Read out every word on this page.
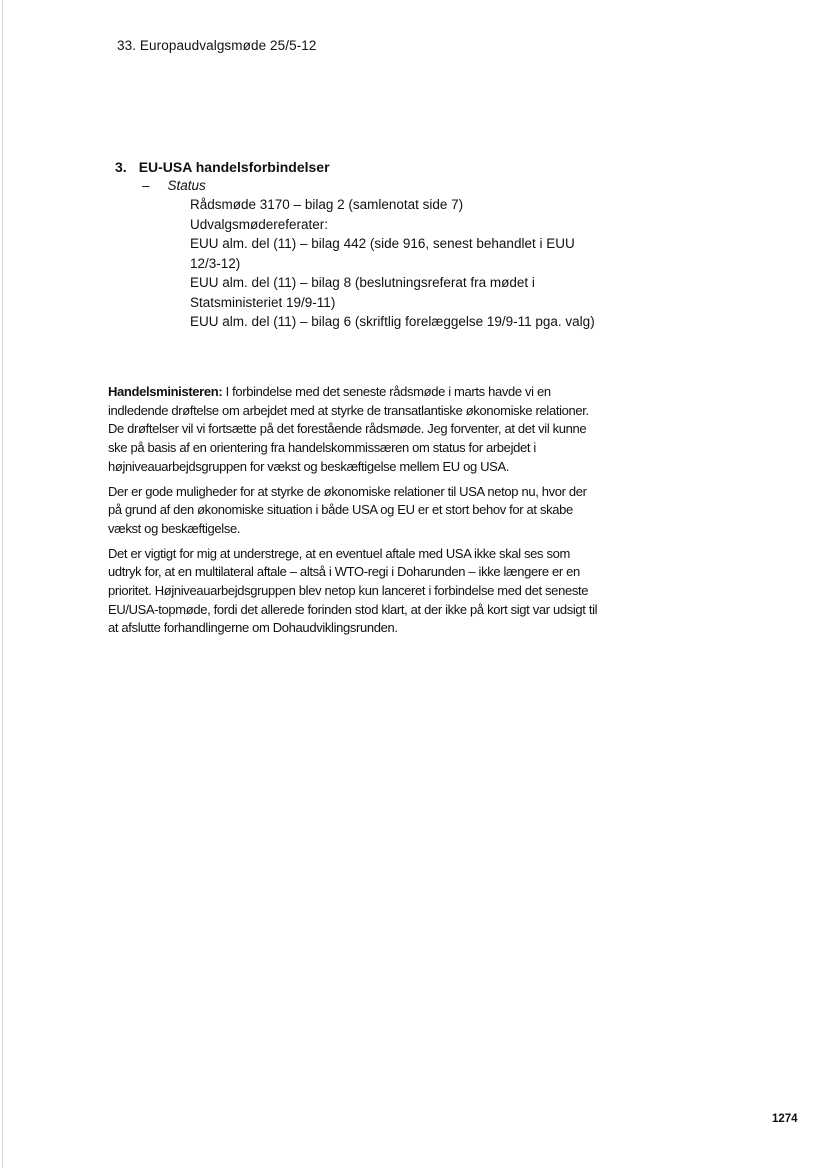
33. Europaudvalgsmøde 25/5-12
3. EU-USA handelsforbindelser
– Status
Rådsmøde 3170 – bilag 2 (samlenotat side 7)
Udvalgsmødereferater:
EUU alm. del (11) – bilag 442 (side 916, senest behandlet i EUU 12/3-12)
EUU alm. del (11) – bilag 8 (beslutningsreferat fra mødet i Statsministeriet 19/9-11)
EUU alm. del (11) – bilag 6 (skriftlig forelæggelse 19/9-11 pga. valg)

Handelsministeren: I forbindelse med det seneste rådsmøde i marts havde vi en indledende drøftelse om arbejdet med at styrke de transatlantiske økonomiske relationer. De drøftelser vil vi fortsætte på det forestående rådsmøde. Jeg forventer, at det vil kunne ske på basis af en orientering fra handelskommissæren om status for arbejdet i højniveauarbejdsgruppen for vækst og beskæftigelse mellem EU og USA.

Der er gode muligheder for at styrke de økonomiske relationer til USA netop nu, hvor der på grund af den økonomiske situation i både USA og EU er et stort behov for at skabe vækst og beskæftigelse.

Det er vigtigt for mig at understrege, at en eventuel aftale med USA ikke skal ses som udtryk for, at en multilateral aftale – altså i WTO-regi i Doharunden – ikke længere er en prioritet. Højniveauarbejdsgruppen blev netop kun lanceret i forbindelse med det seneste EU/USA-topmøde, fordi det allerede forinden stod klart, at der ikke på kort sigt var udsigt til at afslutte forhandlingerne om Dohaudviklingsrunden.

1274
